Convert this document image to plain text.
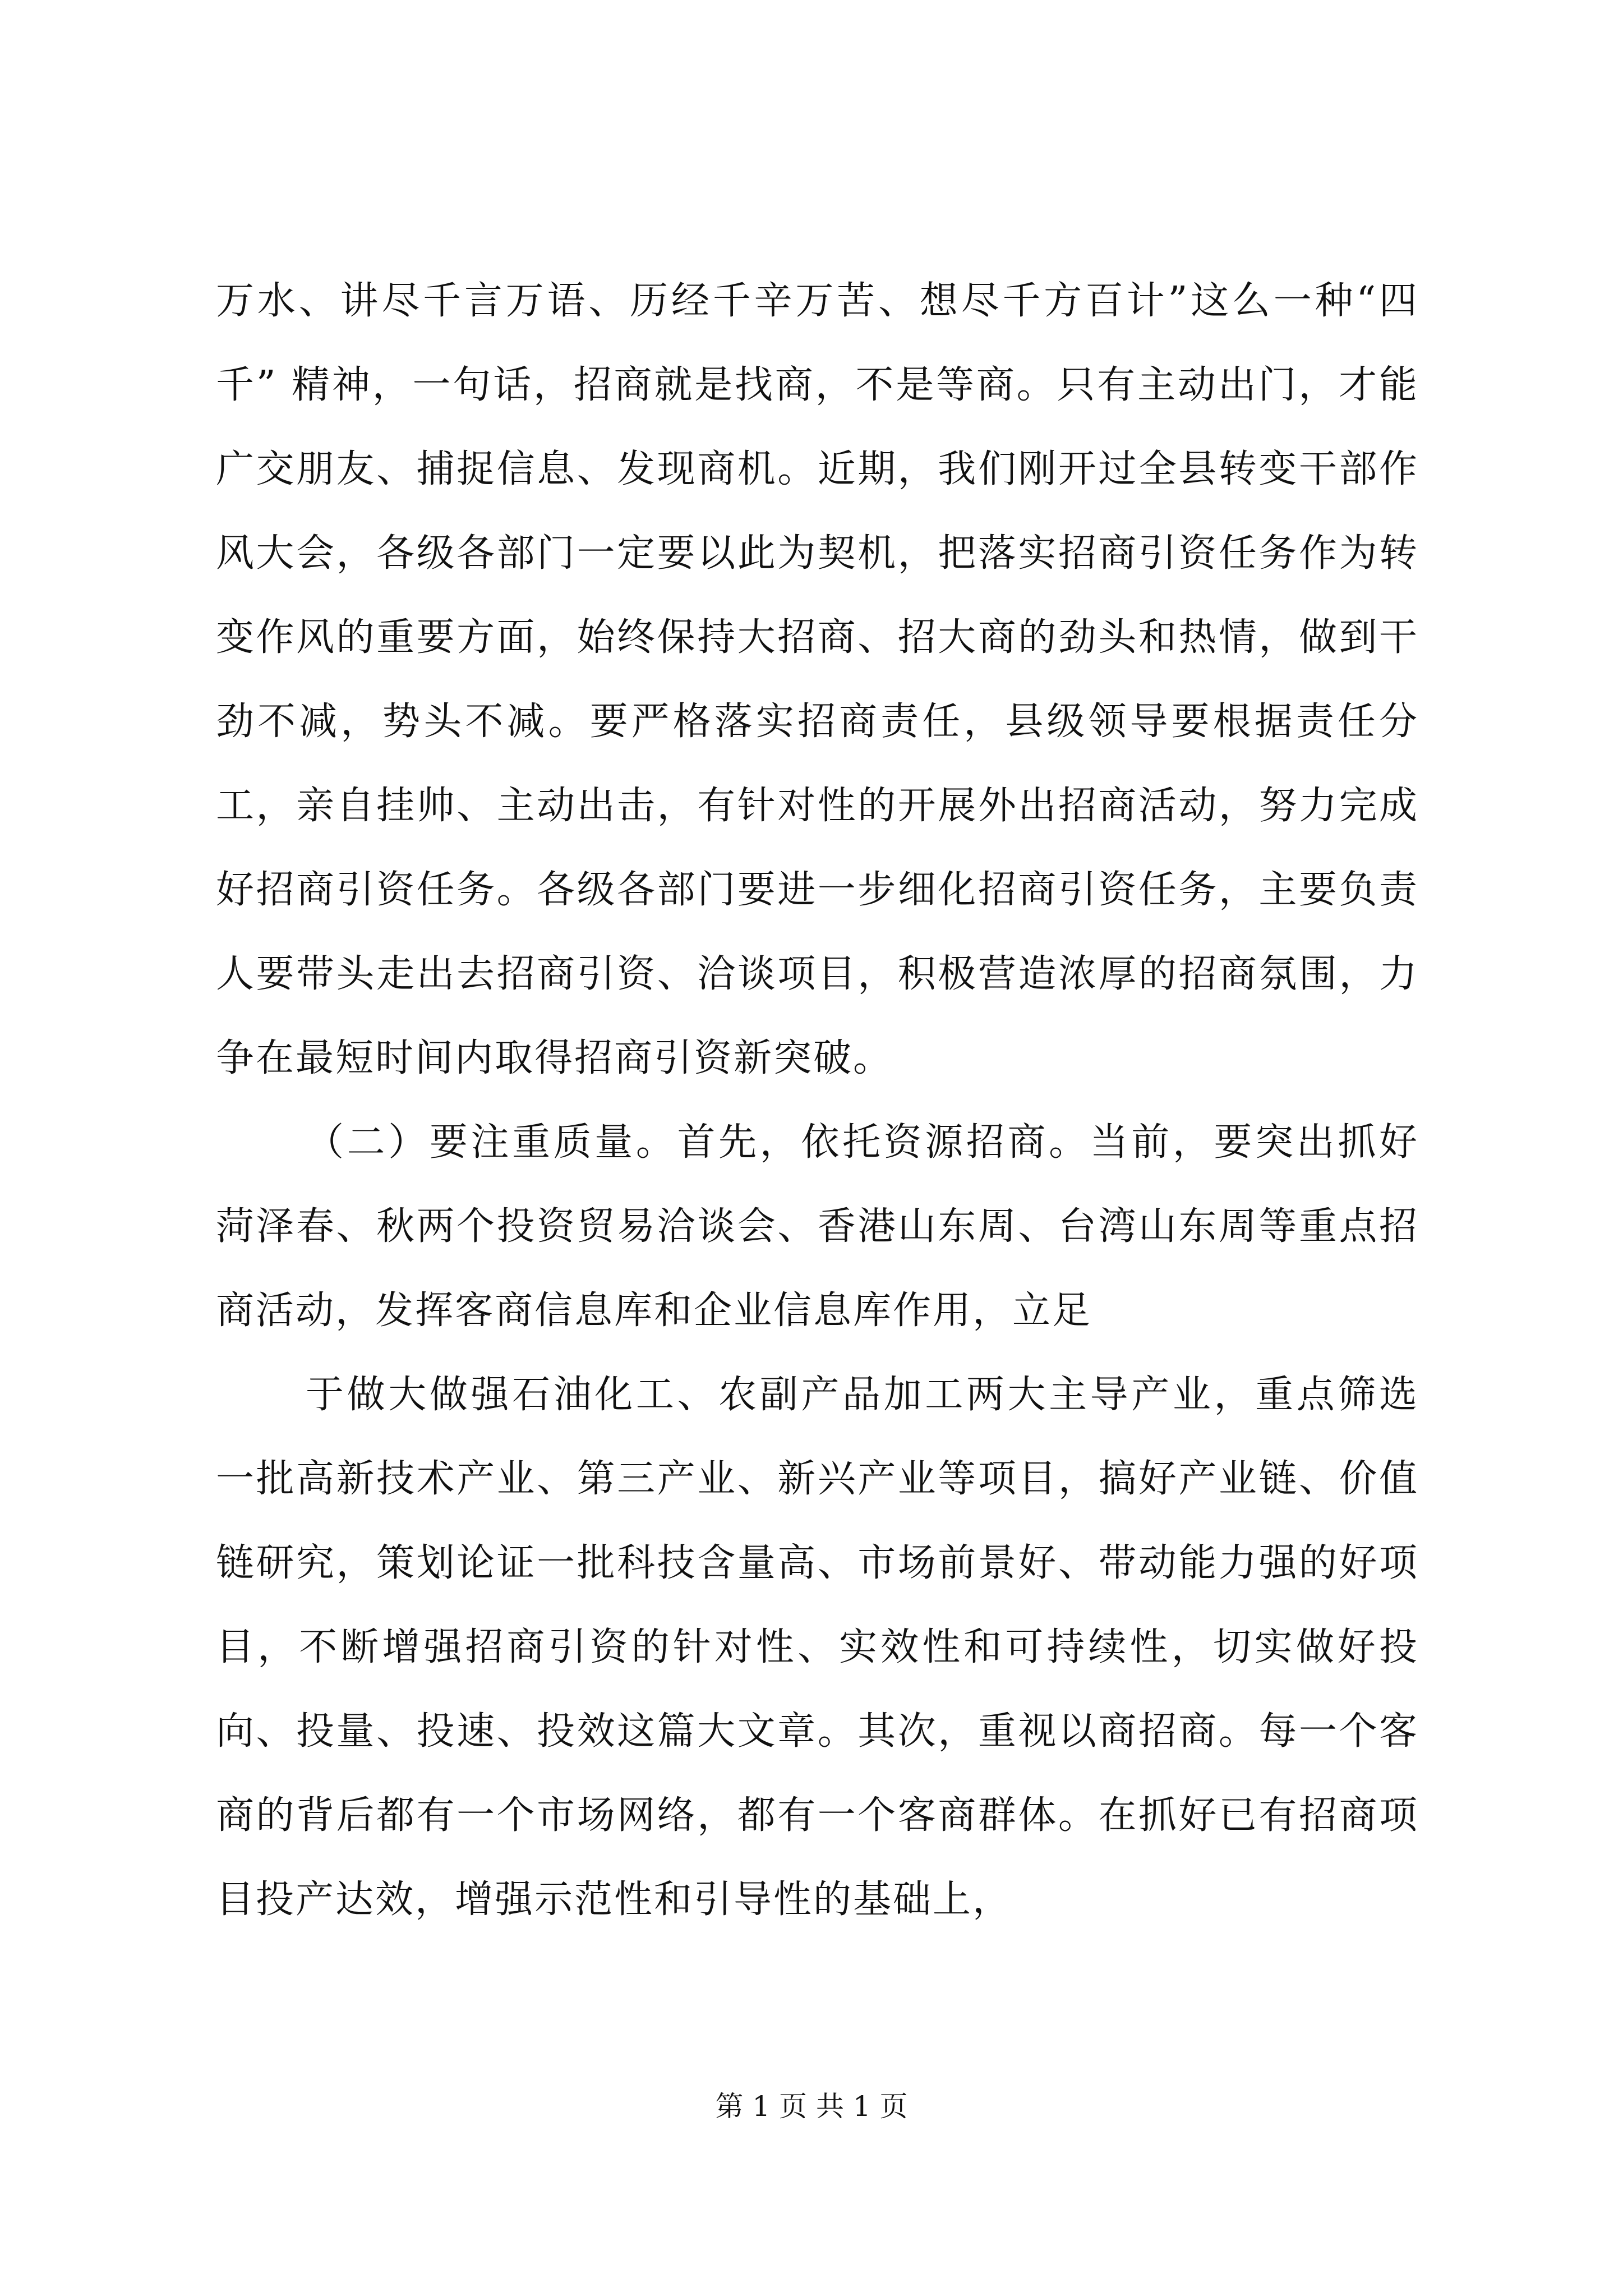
万水、讲尽千言万语、历经千辛万苦、想尽千方百计”这么一种“四千” 精神，一句话，招商就是找商，不是等商。只有主动出门，才能广交朋友、捕捉信息、发现商机。近期，我们刚开过全县转变干部作风大会，各级各部门一定要以此为契机，把落实招商引资任务作为转变作风的重要方面，始终保持大招商、招大商的劲头和热情，做到干劲不减，势头不减。要严格落实招商责任，县级领导要根据责任分工，亲自挂帅、主动出击，有针对性的开展外出招商活动，努力完成好招商引资任务。各级各部门要进一步细化招商引资任务，主要负责人要带头走出去招商引资、洽谈项目，积极营造浓厚的招商氛围，力争在最短时间内取得招商引资新突破。

（二）要注重质量。首先，依托资源招商。当前，要突出抓好菏泽春、秋两个投资贸易洽谈会、香港山东周、台湾山东周等重点招商活动，发挥客商信息库和企业信息库作用，立足

于做大做强石油化工、农副产品加工两大主导产业，重点筛选一批高新技术产业、第三产业、新兴产业等项目，搞好产业链、价值链研究，策划论证一批科技含量高、市场前景好、带动能力强的好项目，不断增强招商引资的针对性、实效性和可持续性，切实做好投向、投量、投速、投效这篇大文章。其次，重视以商招商。每一个客商的背后都有一个市场网络，都有一个客商群体。在抓好已有招商项目投产达效，增强示范性和引导性的基础上，

第 1 页 共 1 页
